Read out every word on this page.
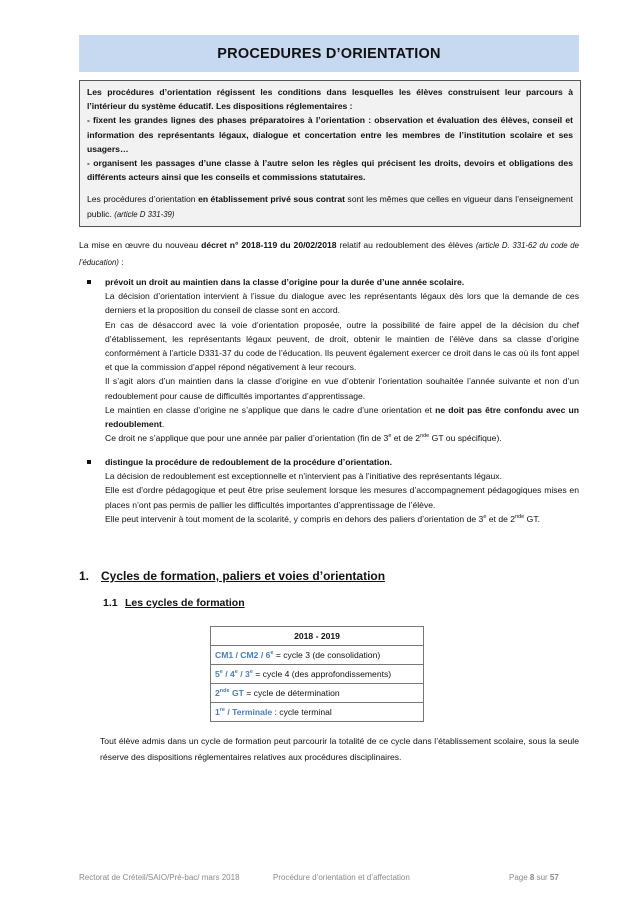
PROCEDURES D’ORIENTATION

Les procédures d’orientation régissent les conditions dans lesquelles les élèves construisent leur parcours à l’intérieur du système éducatif. Les dispositions réglementaires :

- fixent les grandes lignes des phases préparatoires à l’orientation : observation et évaluation des élèves, conseil et information des représentants légaux, dialogue et concertation entre les membres de l’institution scolaire et ses usagers…

- organisent les passages d’une classe à l’autre selon les règles qui précisent les droits, devoirs et obligations des différents acteurs ainsi que les conseils et commissions statutaires.

Les procédures d’orientation en établissement privé sous contrat sont les mêmes que celles en vigueur dans l’enseignement public. (article D 331-39)

La mise en œuvre du nouveau décret n° 2018-119 du 20/02/2018 relatif au redoublement des élèves (article D. 331-62 du code de l’éducation) :
prévoit un droit au maintien dans la classe d’origine pour la durée d’une année scolaire.

La décision d’orientation intervient à l’issue du dialogue avec les représentants légaux dès lors que la demande de ces derniers et la proposition du conseil de classe sont en accord.

En cas de désaccord avec la voie d’orientation proposée, outre la possibilité de faire appel de la décision du chef d’établissement, les représentants légaux peuvent, de droit, obtenir le maintien de l’élève dans sa classe d’origine conformément à l’article D331-37 du code de l’éducation. Ils peuvent également exercer ce droit dans le cas où ils font appel et que la commission d’appel répond négativement à leur recours.

Il s’agit alors d’un maintien dans la classe d’origine en vue d’obtenir l’orientation souhaitée l’année suivante et non d’un redoublement pour cause de difficultés importantes d’apprentissage.

Le maintien en classe d’origine ne s’applique que dans le cadre d’une orientation et ne doit pas être confondu avec un redoublement.

Ce droit ne s’applique que pour une année par palier d’orientation (fin de 3e et de 2nde GT ou spécifique).

distingue la procédure de redoublement de la procédure d’orientation.

La décision de redoublement est exceptionnelle et n’intervient pas à l’initiative des représentants légaux.

Elle est d’ordre pédagogique et peut être prise seulement lorsque les mesures d’accompagnement pédagogiques mises en places n’ont pas permis de pallier les difficultés importantes d’apprentissage de l’élève.

Elle peut intervenir à tout moment de la scolarité, y compris en dehors des paliers d’orientation de 3e et de 2nde GT.

1. Cycles de formation, paliers et voies d’orientation
1.1 Les cycles de formation
2018 - 2019
$CM1 / CM2 / 6^e$ = cycle 3 (de consolidation)
$5e / 4e / 3^e$ = cycle 4 (des approfondissements)
2nde GT = cycle de détermination
1re / Terminale : cycle terminal
Tout élève admis dans un cycle de formation peut parcourir la totalité de ce cycle dans l’établissement scolaire, sous la seule réserve des dispositions réglementaires relatives aux procédures disciplinaires.
Rectorat de Créteil/SAIO/Pré-bac/ mars 2018	Procédure d’orientation et d’affectation	Page 8 sur 57
